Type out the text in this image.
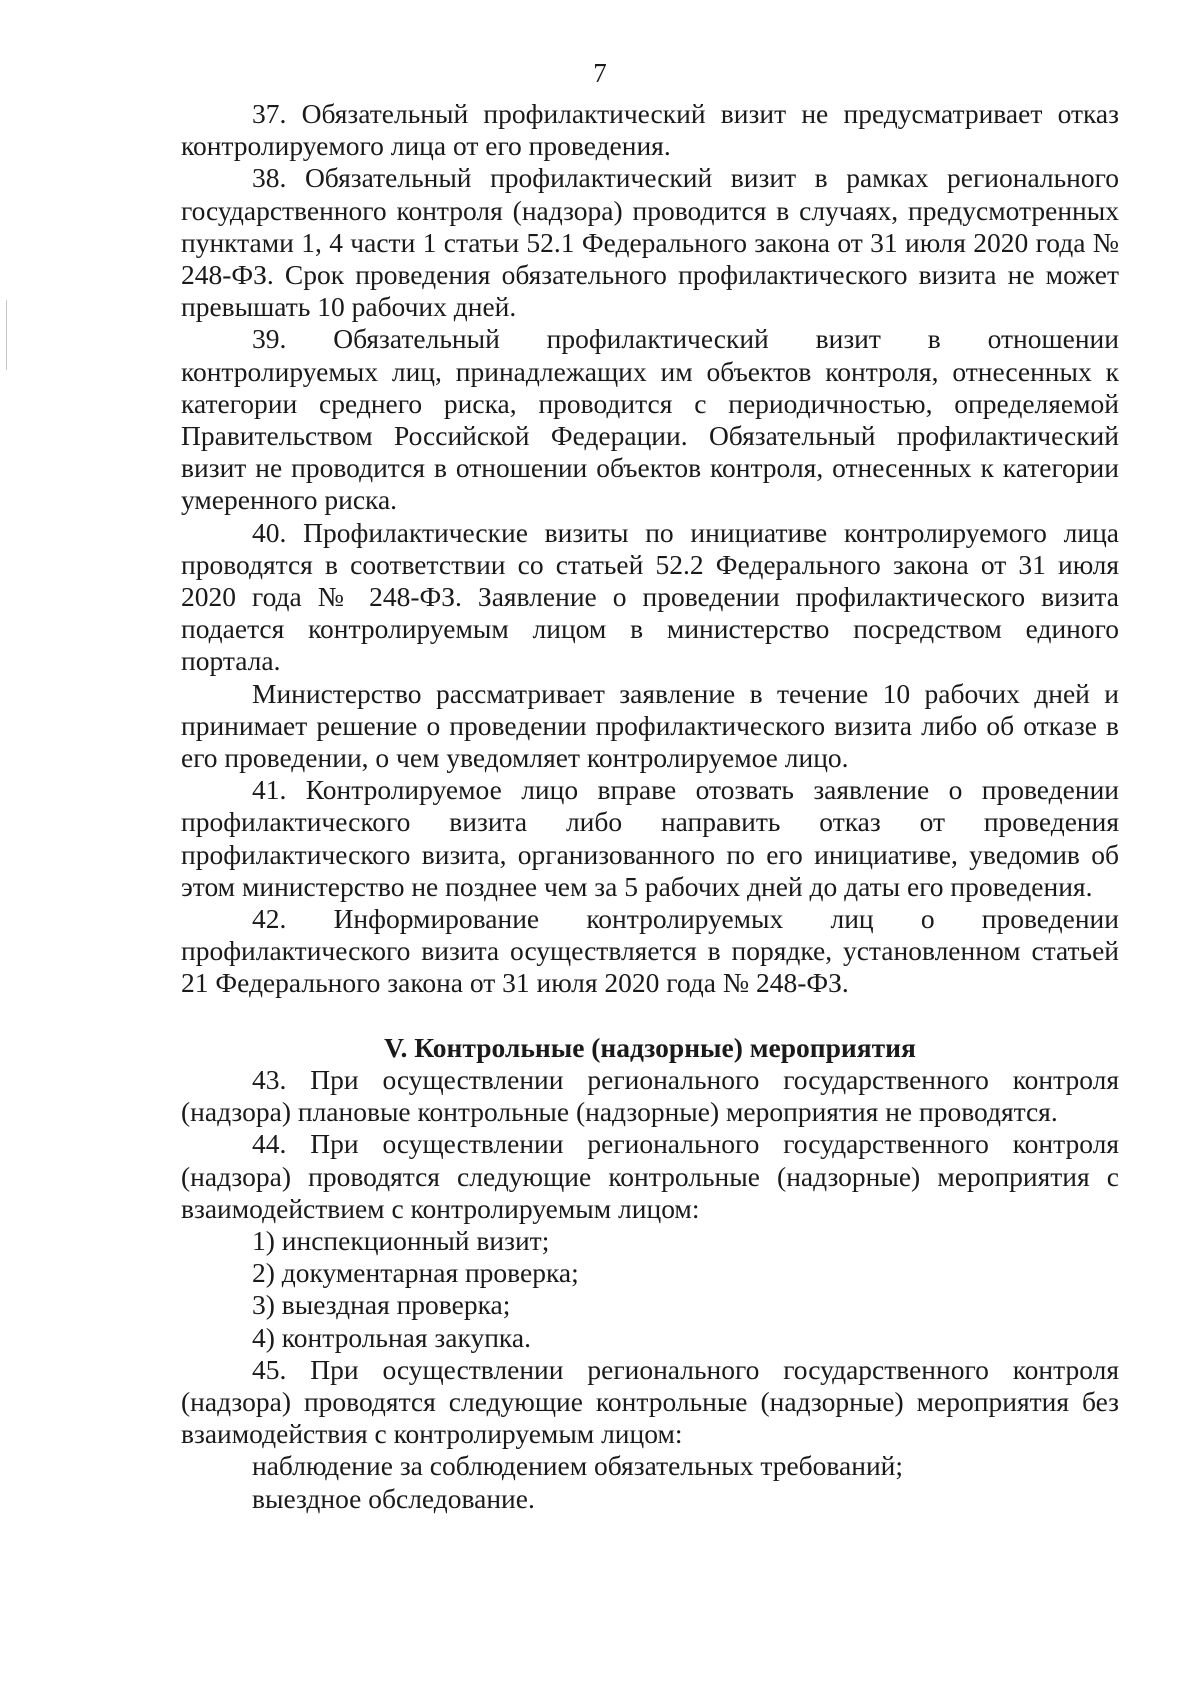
7

37. Обязательный профилактический визит не предусматривает отказ контролируемого лица от его проведения.

38. Обязательный профилактический визит в рамках регионального государственного контроля (надзора) проводится в случаях, предусмотренных пунктами 1, 4 части 1 статьи 52.1 Федерального закона от 31 июля 2020 года № 248-ФЗ. Срок проведения обязательного профилактического визита не может превышать 10 рабочих дней.

39. Обязательный профилактический визит в отношении контролируемых лиц, принадлежащих им объектов контроля, отнесенных к категории среднего риска, проводится с периодичностью, определяемой Правительством Российской Федерации. Обязательный профилактический визит не проводится в отношении объектов контроля, отнесенных к категории умеренного риска.

40. Профилактические визиты по инициативе контролируемого лица проводятся в соответствии со статьей 52.2 Федерального закона от 31 июля 2020 года № 248-ФЗ. Заявление о проведении профилактического визита подается контролируемым лицом в министерство посредством единого портала.

Министерство рассматривает заявление в течение 10 рабочих дней и принимает решение о проведении профилактического визита либо об отказе в его проведении, о чем уведомляет контролируемое лицо.

41. Контролируемое лицо вправе отозвать заявление о проведении профилактического визита либо направить отказ от проведения профилактического визита, организованного по его инициативе, уведомив об этом министерство не позднее чем за 5 рабочих дней до даты его проведения.

42. Информирование контролируемых лиц о проведении профилактического визита осуществляется в порядке, установленном статьей 21 Федерального закона от 31 июля 2020 года № 248-ФЗ.

V. Контрольные (надзорные) мероприятия

43. При осуществлении регионального государственного контроля (надзора) плановые контрольные (надзорные) мероприятия не проводятся.

44. При осуществлении регионального государственного контроля (надзора) проводятся следующие контрольные (надзорные) мероприятия с взаимодействием с контролируемым лицом:

1) инспекционный визит;

2) документарная проверка;

3) выездная проверка;

4) контрольная закупка.

45. При осуществлении регионального государственного контроля (надзора) проводятся следующие контрольные (надзорные) мероприятия без взаимодействия с контролируемым лицом:

наблюдение за соблюдением обязательных требований;

выездное обследование.
